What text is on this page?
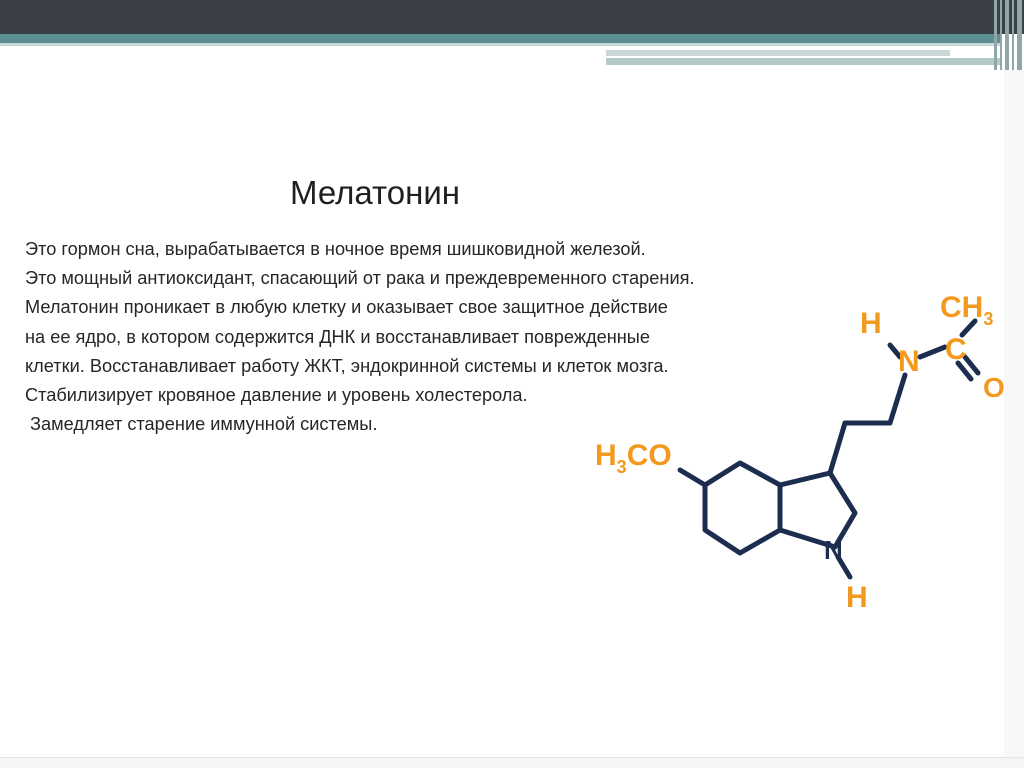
Мелатонин
Это гормон сна, вырабатывается в ночное время шишковидной железой.
Это мощный антиоксидант, спасающий от рака и преждевременного старения.
Мелатонин проникает в любую клетку и оказывает свое защитное действие
на ее ядро, в котором содержится ДНК и восстанавливает поврежденные
клетки. Восстанавливает работу ЖКТ, эндокринной системы и клеток мозга.
Стабилизирует кровяное давление и уровень холестерола.
Замедляет старение иммунной системы.
$CH_3$
H
N C
O
$H_3CO$
N
H
